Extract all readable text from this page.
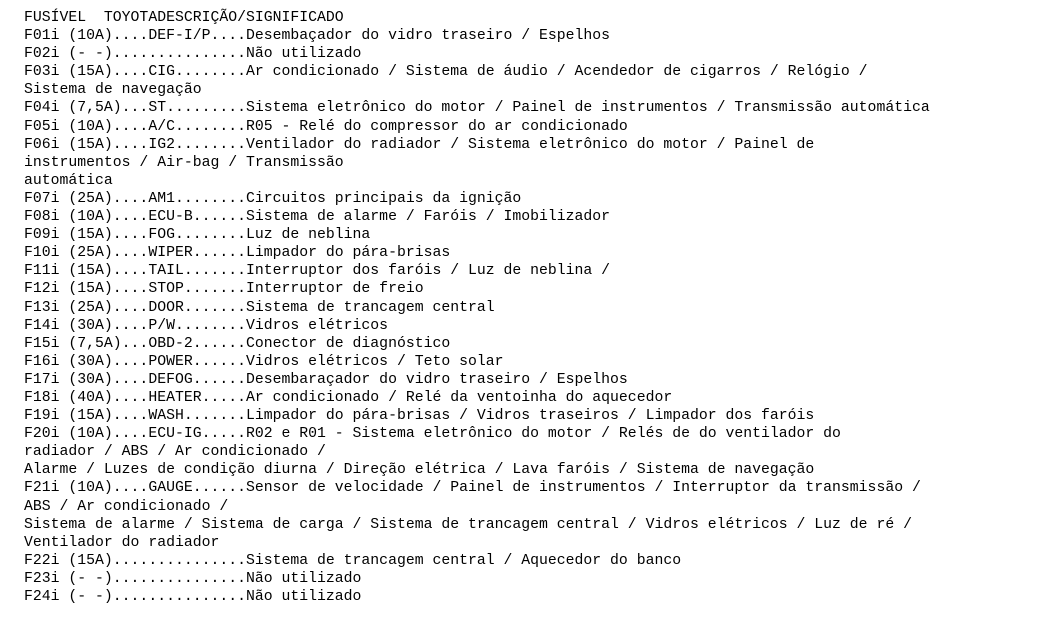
FUSÍVEL  TOYOTADESCRIÇÃO/SIGNIFICADO
F01i (10A)....DEF-I/P....Desembaçador do vidro traseiro / Espelhos
F02i (- -)...............Não utilizado
F03i (15A)....CIG........Ar condicionado / Sistema de áudio / Acendedor de cigarros / Relógio /
Sistema de navegação
F04i (7,5A)...ST.........Sistema eletrônico do motor / Painel de instrumentos / Transmissão automática
F05i (10A)....A/C........R05 - Relé do compressor do ar condicionado
F06i (15A)....IG2........Ventilador do radiador / Sistema eletrônico do motor / Painel de
instrumentos / Air-bag / Transmissão
automática
F07i (25A)....AM1........Circuitos principais da ignição
F08i (10A)....ECU-B......Sistema de alarme / Faróis / Imobilizador
F09i (15A)....FOG........Luz de neblina
F10i (25A)....WIPER......Limpador do pára-brisas
F11i (15A)....TAIL.......Interruptor dos faróis / Luz de neblina /
F12i (15A)....STOP.......Interruptor de freio
F13i (25A)....DOOR.......Sistema de trancagem central
F14i (30A)....P/W........Vidros elétricos
F15i (7,5A)...OBD-2......Conector de diagnóstico
F16i (30A)....POWER......Vidros elétricos / Teto solar
F17i (30A)....DEFOG......Desembaraçador do vidro traseiro / Espelhos
F18i (40A)....HEATER.....Ar condicionado / Relé da ventoinha do aquecedor
F19i (15A)....WASH.......Limpador do pára-brisas / Vidros traseiros / Limpador dos faróis
F20i (10A)....ECU-IG.....R02 e R01 - Sistema eletrônico do motor / Relés de do ventilador do
radiador / ABS / Ar condicionado /
Alarme / Luzes de condição diurna / Direção elétrica / Lava faróis / Sistema de navegação
F21i (10A)....GAUGE......Sensor de velocidade / Painel de instrumentos / Interruptor da transmissão /
ABS / Ar condicionado /
Sistema de alarme / Sistema de carga / Sistema de trancagem central / Vidros elétricos / Luz de ré /
Ventilador do radiador
F22i (15A)...............Sistema de trancagem central / Aquecedor do banco
F23i (- -)...............Não utilizado
F24i (- -)...............Não utilizado
